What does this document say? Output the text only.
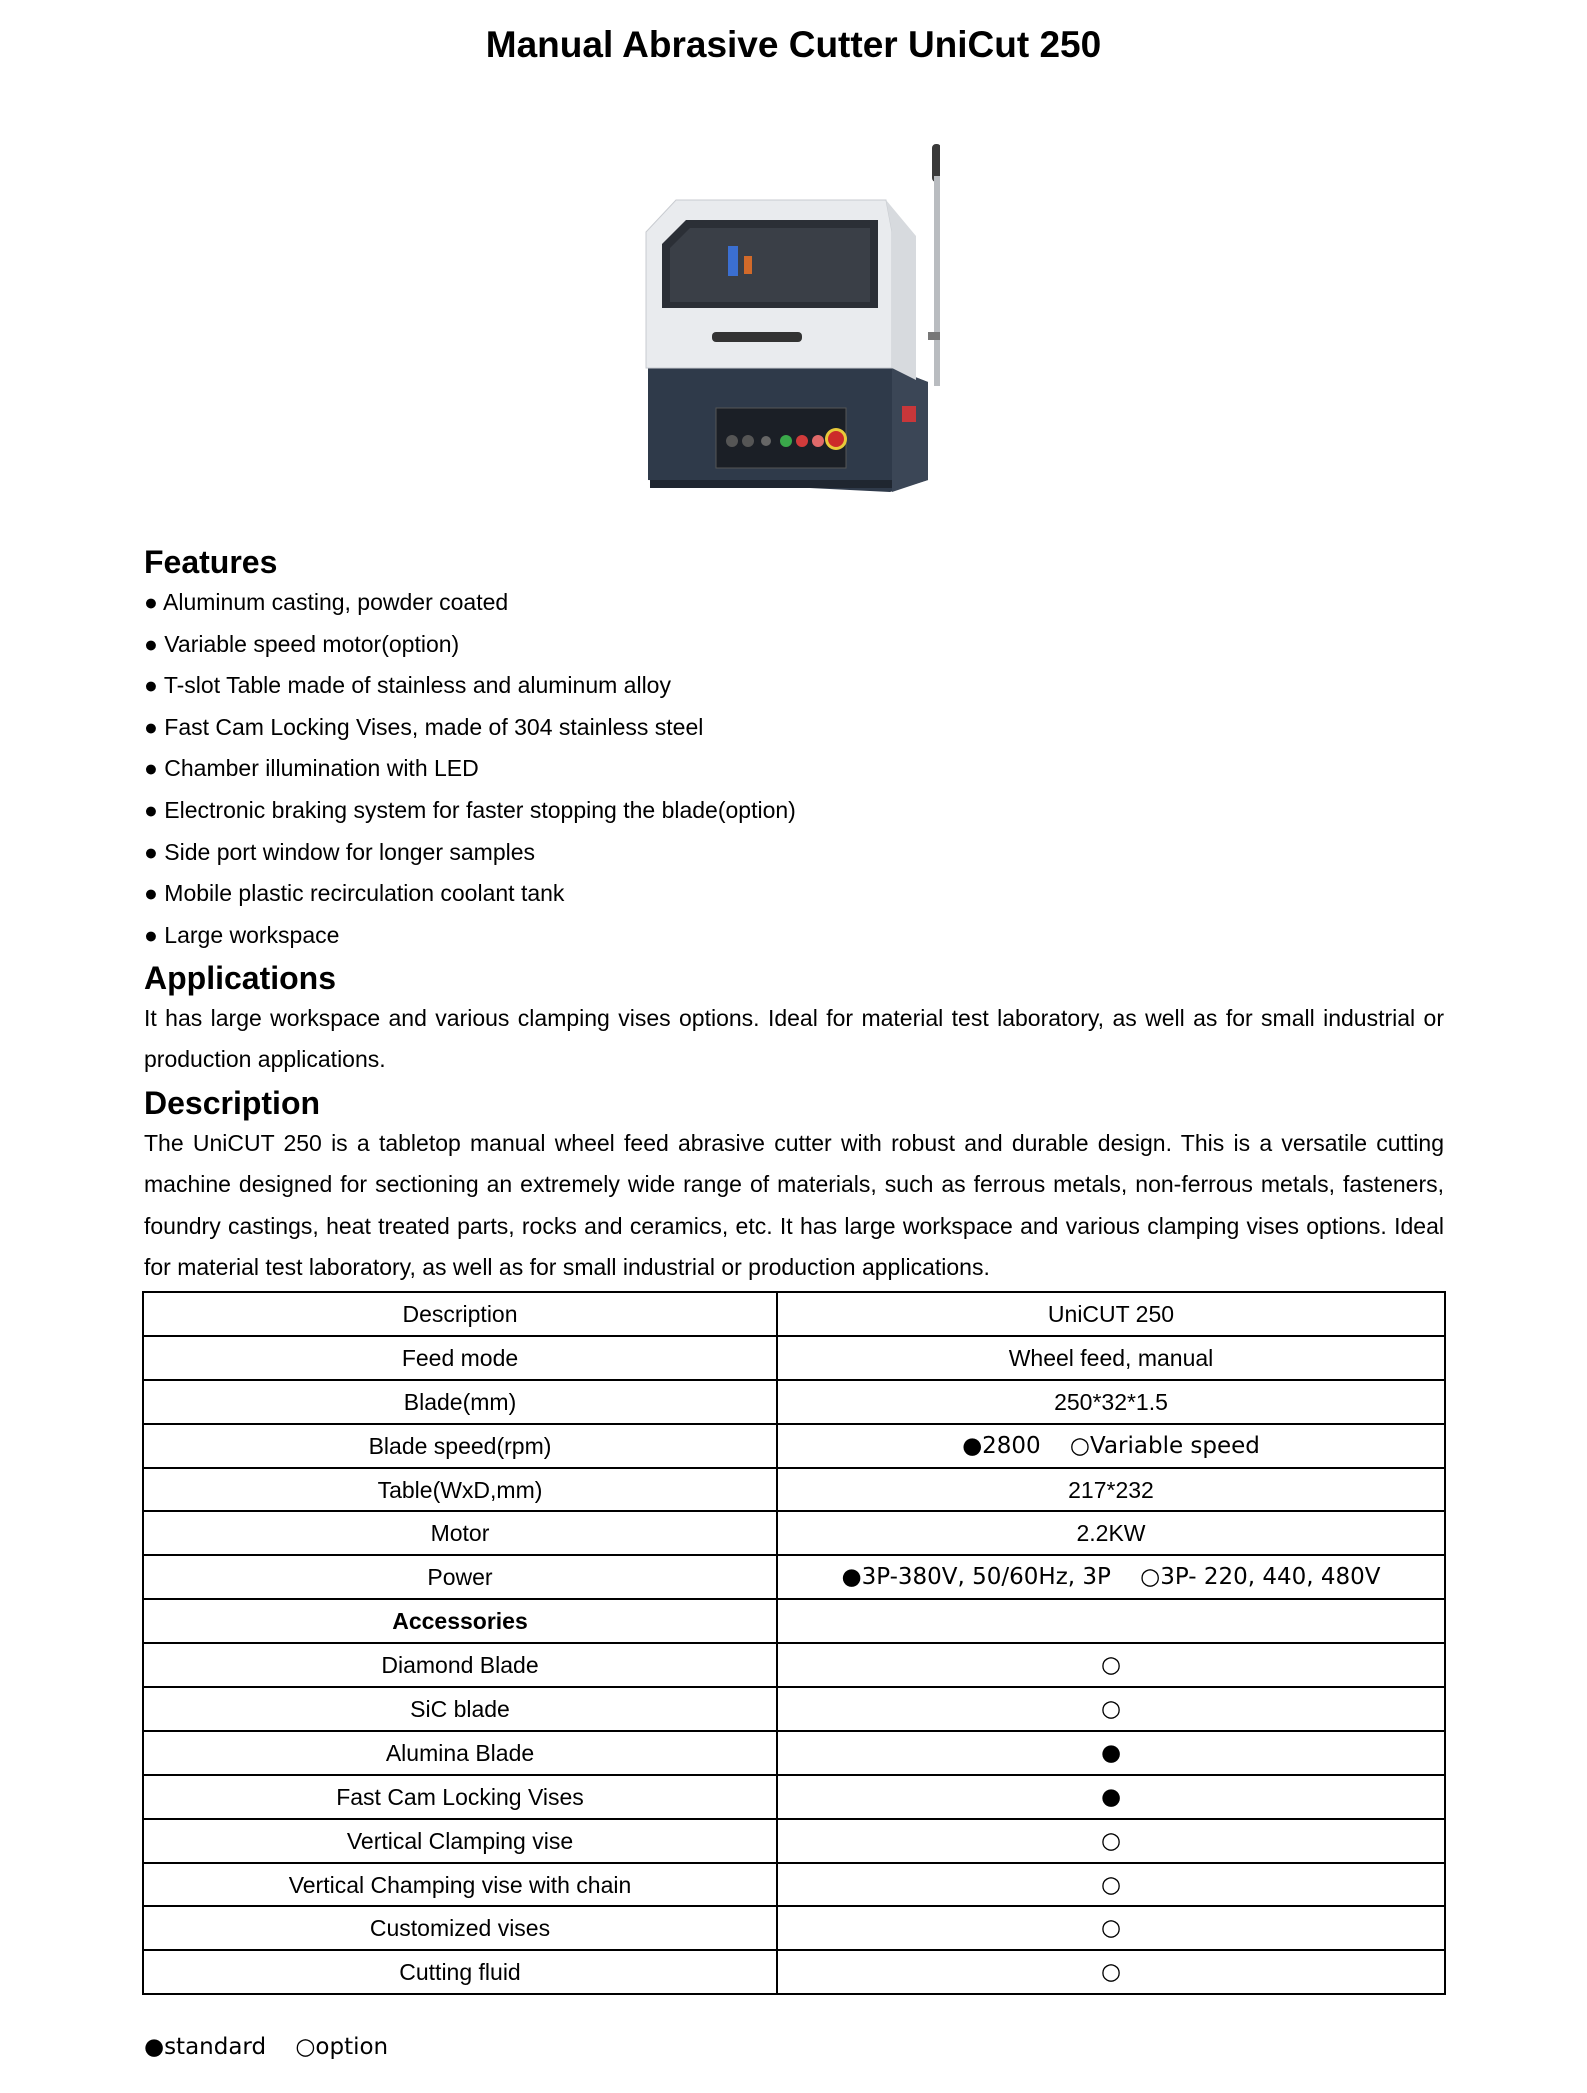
Manual Abrasive Cutter UniCut 250
Features
● Aluminum casting, powder coated
● Variable speed motor(option)
● T-slot Table made of stainless and aluminum alloy
● Fast Cam Locking Vises, made of 304 stainless steel
● Chamber illumination with LED
● Electronic braking system for faster stopping the blade(option)
● Side port window for longer samples
● Mobile plastic recirculation coolant tank
● Large workspace
Applications

It has large workspace and various clamping vises options. Ideal for material test laboratory, as well as for small industrial or production applications.

Description

The UniCUT 250 is a tabletop manual wheel feed abrasive cutter with robust and durable design. This is a versatile cutting machine designed for sectioning an extremely wide range of materials, such as ferrous metals, non-ferrous metals, fasteners, foundry castings, heat treated parts, rocks and ceramics, etc. It has large workspace and various clamping vises options. Ideal for material test laboratory, as well as for small industrial or production applications.

Description	UniCUT 250
Feed mode	Wheel feed, manual
Blade(mm)	250*32*1.5
Blade speed(rpm)	●2800    ○Variable speed
Table(WxD,mm)	217*232
Motor	2.2KW
Power	●3P-380V, 50/60Hz, 3P    ○3P- 220, 440, 480V
Accessories	
Diamond Blade	○
SiC blade	○
Alumina Blade	●
Fast Cam Locking Vises	●
Vertical Clamping vise	○
Vertical Champing vise with chain	○
Customized vises	○
Cutting fluid	○
●standard    ○option
